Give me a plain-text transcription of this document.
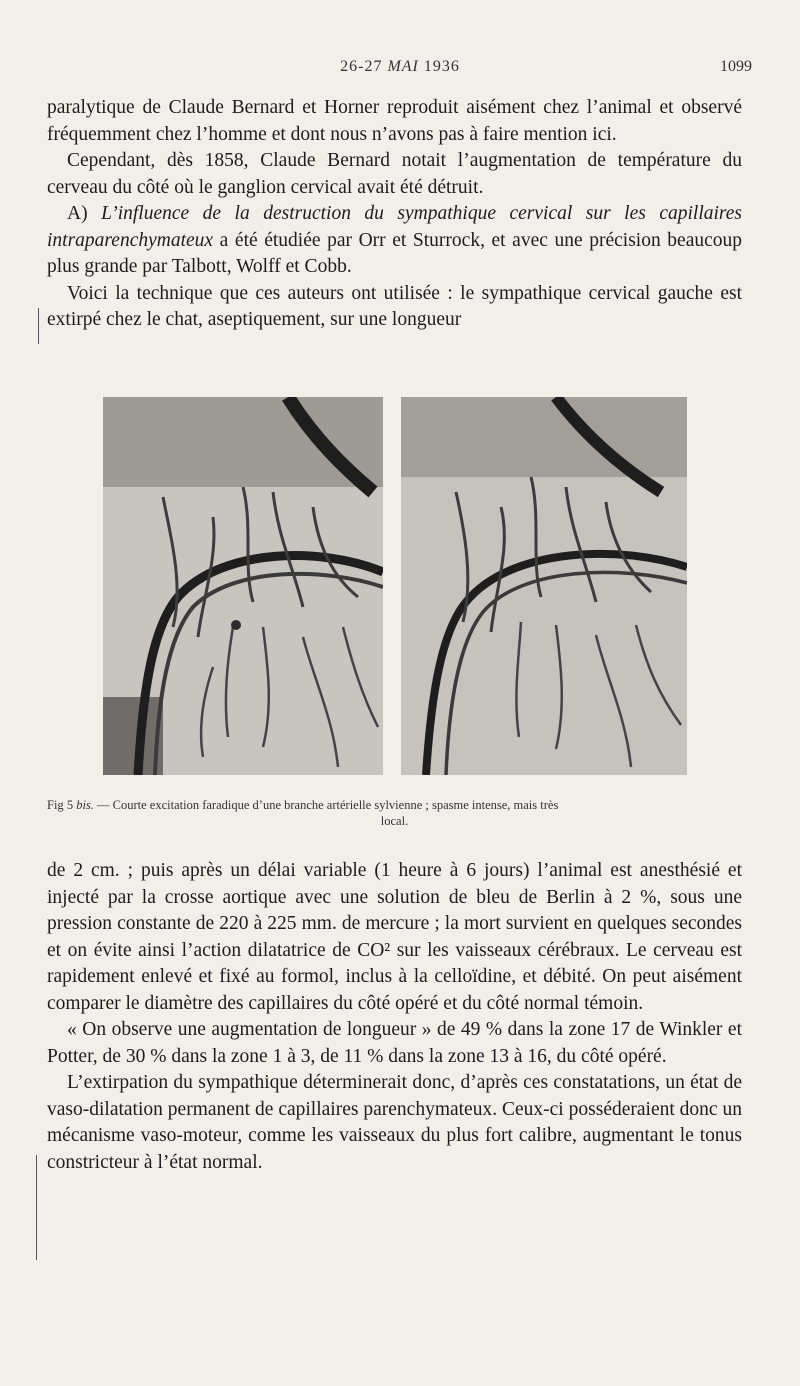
26-27 MAI 1936	1099

paralytique de Claude Bernard et Horner reproduit aisément chez l’animal et observé fréquemment chez l’homme et dont nous n’avons pas à faire mention ici.

Cependant, dès 1858, Claude Bernard notait l’augmentation de température du cerveau du côté où le ganglion cervical avait été détruit.

A) L’influence de la destruction du sympathique cervical sur les capillaires intraparenchymateux a été étudiée par Orr et Sturrock, et avec une précision beaucoup plus grande par Talbott, Wolff et Cobb.

Voici la technique que ces auteurs ont utilisée : le sympathique cervical gauche est extirpé chez le chat, aseptiquement, sur une longueur

Fig 5 bis. — Courte excitation faradique d’une branche artérielle sylvienne ; spasme intense, mais très
local.

de 2 cm. ; puis après un délai variable (1 heure à 6 jours) l’animal est anesthésié et injecté par la crosse aortique avec une solution de bleu de Berlin à 2 %, sous une pression constante de 220 à 225 mm. de mercure ; la mort survient en quelques secondes et on évite ainsi l’action dilatatrice de CO² sur les vaisseaux cérébraux. Le cerveau est rapidement enlevé et fixé au formol, inclus à la celloïdine, et débité. On peut aisément comparer le diamètre des capillaires du côté opéré et du côté normal témoin.

« On observe une augmentation de longueur » de 49 % dans la zone 17 de Winkler et Potter, de 30 % dans la zone 1 à 3, de 11 % dans la zone 13 à 16, du côté opéré.

L’extirpation du sympathique déterminerait donc, d’après ces constatations, un état de vaso-dilatation permanent de capillaires parenchymateux. Ceux-ci posséderaient donc un mécanisme vaso-moteur, comme les vaisseaux du plus fort calibre, augmentant le tonus constricteur à l’état normal.
